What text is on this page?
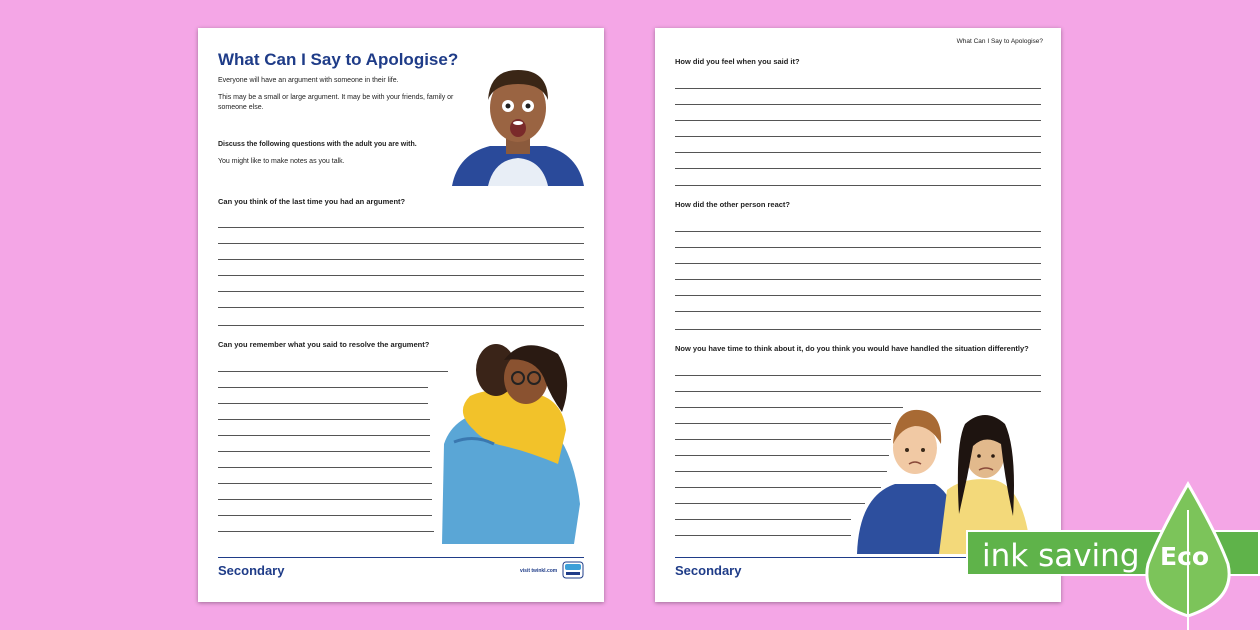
What Can I Say to Apologise?
Everyone will have an argument with someone in their life.
This may be a small or large argument. It may be with your friends, family or someone else.
Discuss the following questions with the adult you are with.
You might like to make notes as you talk.
Can you think of the last time you had an argument?
Can you remember what you said to resolve the argument?
Secondary	visit twinkl.com
What Can I Say to Apologise?
How did you feel when you said it?
How did the other person react?
Now you have time to think about it, do you think you would have handled the situation differently?
Secondary	ink saving Eco
